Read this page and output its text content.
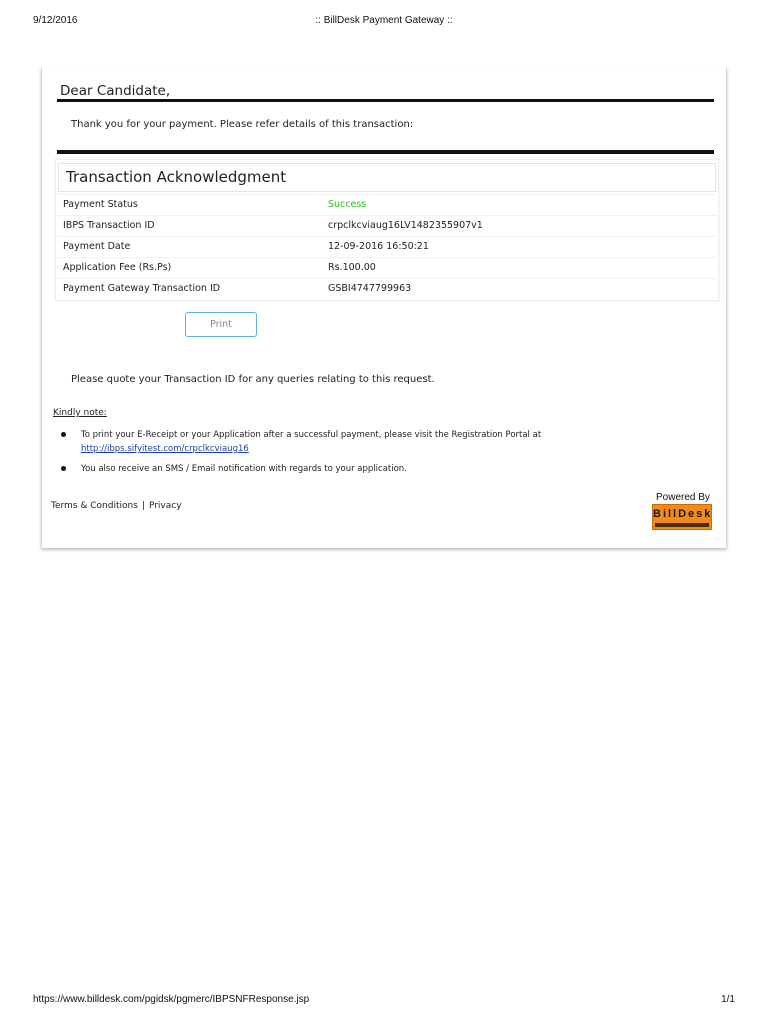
9/12/2016	:: BillDesk Payment Gateway ::
Dear Candidate,
Thank you for your payment. Please refer details of this transaction:
Transaction Acknowledgment
Payment Status	Success
IBPS Transaction ID	crpclkcviaug16LV1482355907v1
Payment Date	12-09-2016 16:50:21
Application Fee (Rs.Ps)	Rs.100.00
Payment Gateway Transaction ID	GSBI4747799963
Print
Please quote your Transaction ID for any queries relating to this request.
Kindly note:
To print your E-Receipt or your Application after a successful payment, please visit the Registration Portal at
http://ibps.sifyitest.com/crpclkcviaug16
You also receive an SMS / Email notification with regards to your application.
Terms & Conditions | Privacy
Powered By
BillDesk
https://www.billdesk.com/pgidsk/pgmerc/IBPSNFResponse.jsp	1/1
